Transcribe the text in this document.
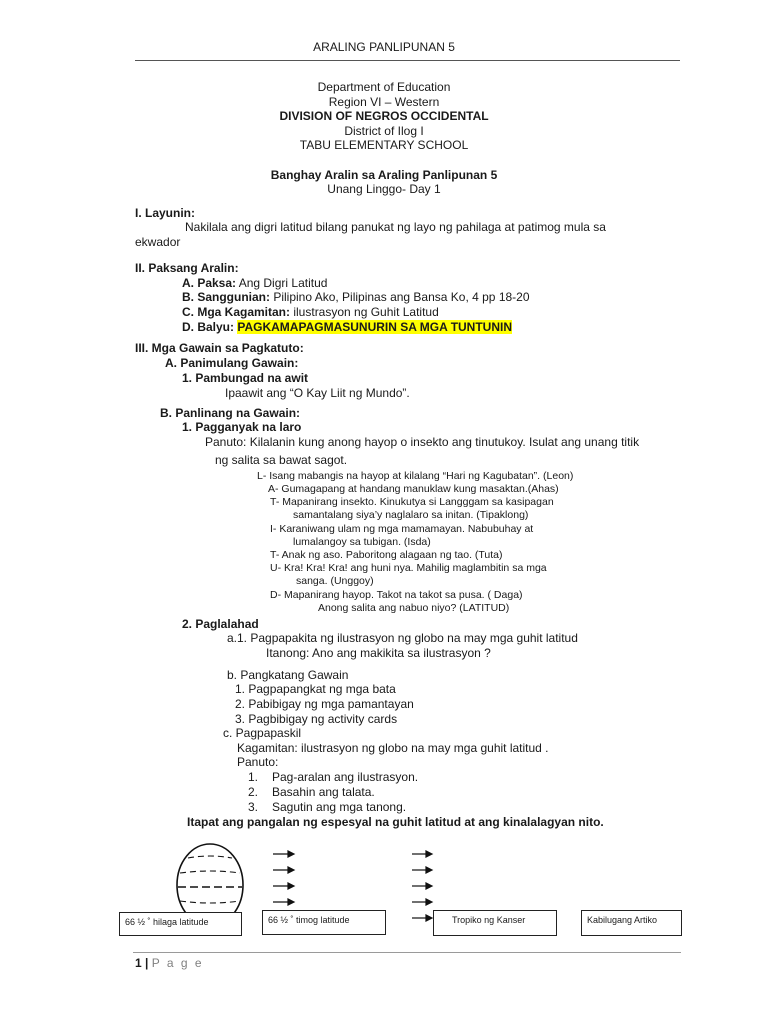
ARALING PANLIPUNAN 5
Department of Education
Region VI – Western
DIVISION OF NEGROS OCCIDENTAL
District of Ilog I
TABU ELEMENTARY SCHOOL
Banghay Aralin sa Araling Panlipunan 5
Unang Linggo- Day 1
I. Layunin:
Nakilala ang digri latitud bilang panukat ng layo ng pahilaga at patimog mula sa
ekwador
II. Paksang Aralin:
A. Paksa: Ang Digri Latitud
B. Sanggunian: Pilipino Ako, Pilipinas ang Bansa Ko, 4 pp 18-20
C. Mga Kagamitan: ilustrasyon ng Guhit Latitud
D. Balyu: PAGKAMAPAGMASUNURIN SA MGA TUNTUNIN
III. Mga Gawain sa Pagkatuto:
A. Panimulang Gawain:
1. Pambungad na awit
Ipaawit ang “O Kay Liit ng Mundo”.
B. Panlinang na Gawain:
1. Pagganyak na laro
Panuto: Kilalanin kung anong hayop o insekto ang tinutukoy. Isulat ang unang titik
ng salita sa bawat sagot.
L- Isang mabangis na hayop at kilalang “Hari ng Kagubatan”. (Leon)
A- Gumagapang at handang manuklaw kung masaktan.(Ahas)
T- Mapanirang insekto. Kinukutya si Langggam sa kasipagan
samantalang siya’y naglalaro sa initan. (Tipaklong)
I- Karaniwang ulam ng mga mamamayan. Nabubuhay at
lumalangoy sa tubigan. (Isda)
T- Anak ng aso. Paboritong alagaan ng tao. (Tuta)
U- Kra! Kra! Kra! ang huni nya. Mahilig maglambitin sa mga
sanga. (Unggoy)
D- Mapanirang hayop. Takot na takot sa pusa. ( Daga)
Anong salita ang nabuo niyo? (LATITUD)
2. Paglalahad
a.1. Pagpapakita ng ilustrasyon ng globo na may mga guhit latitud
Itanong: Ano ang makikita sa ilustrasyon ?
b. Pangkatang Gawain
1. Pagpapangkat ng mga bata
2. Pabibigay ng mga pamantayan
3. Pagbibigay ng activity cards
c. Pagpapaskil
Kagamitan: ilustrasyon ng globo na may mga guhit latitud .
Panuto:
1. Pag-aralan ang ilustrasyon.
2. Basahin ang talata.
3. Sagutin ang mga tanong.
Itapat ang pangalan ng espesyal na guhit latitud at ang kinalalagyan nito.
66 ½ ˚ hilaga latitude	66 ½ ˚ timog latitude	Tropiko ng Kanser	Kabilugang Artiko
1 | P a g e
